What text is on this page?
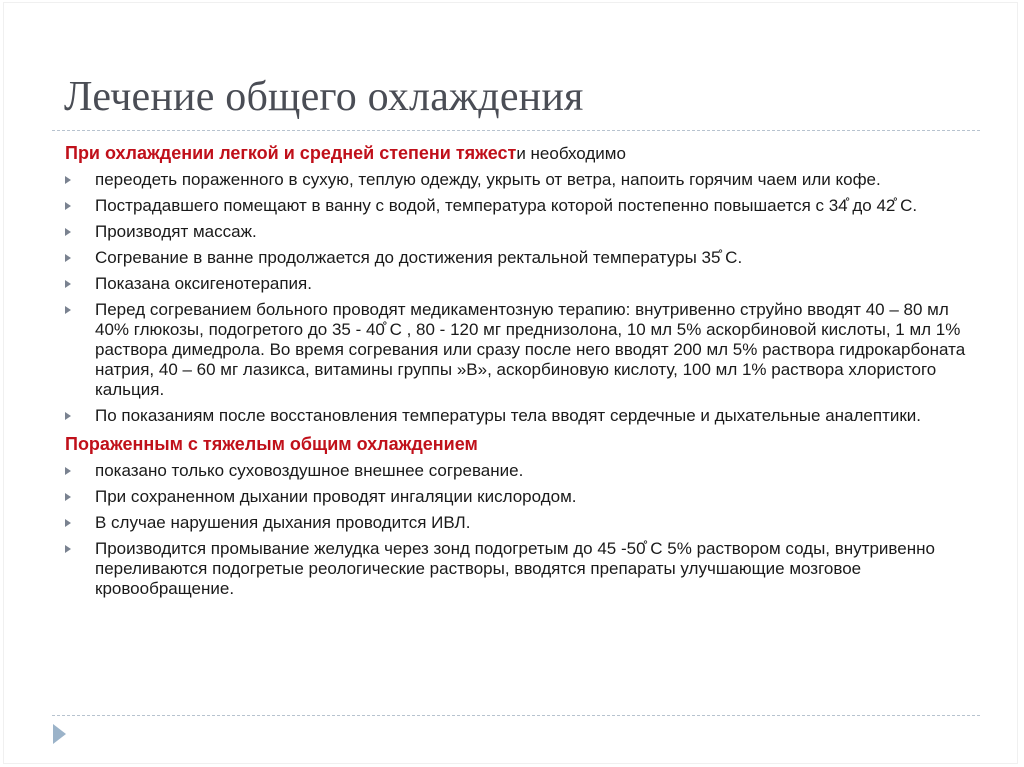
Лечение общего охлаждения
При охлаждении легкой и средней степени тяжести необходимо
переодеть пораженного в сухую, теплую одежду, укрыть от ветра, напоить горячим чаем или кофе.
Пострадавшего помещают в ванну с водой, температура которой постепенно повышается с 34̊ до 42̊ С.
Производят массаж.
Согревание в ванне продолжается до достижения ректальной температуры 35̊ С.
Показана оксигенотерапия.
Перед согреванием больного проводят медикаментозную терапию: внутривенно струйно вводят 40 – 80 мл 40% глюкозы, подогретого до 35 - 40̊ С , 80 - 120 мг преднизолона, 10 мл 5% аскорбиновой кислоты, 1 мл 1% раствора димедрола. Во время согревания или сразу после него вводят 200 мл 5% раствора гидрокарбоната натрия, 40 – 60 мг лазикса, витамины группы »В», аскорбиновую кислоту, 100 мл 1% раствора хлористого кальция.
По показаниям после восстановления температуры тела вводят сердечные и дыхательные аналептики.
Пораженным с тяжелым общим охлаждением
показано только суховоздушное внешнее согревание.
При сохраненном дыхании проводят ингаляции кислородом.
В случае нарушения дыхания проводится ИВЛ.
Производится промывание желудка через зонд подогретым до 45 -50̊ С 5% раствором соды, внутривенно переливаются подогретые реологические растворы, вводятся препараты улучшающие мозговое кровообращение.
